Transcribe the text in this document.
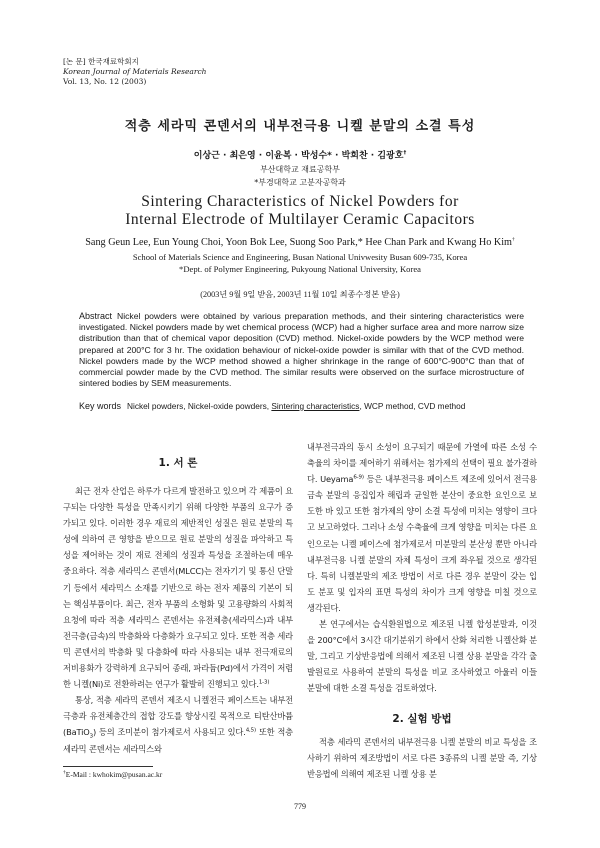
[논 문] 한국재료학회지
Korean Journal of Materials Research
Vol. 13, No. 12 (2003)
적층 세라믹 콘덴서의 내부전극용 니켈 분말의 소결 특성
이상근 · 최은영 · 이윤복 · 박성수* · 박희찬 · 김광호†
부산대학교 재료공학부
*부경대학교 고분자공학과
Sintering Characteristics of Nickel Powders for
Internal Electrode of Multilayer Ceramic Capacitors
Sang Geun Lee, Eun Young Choi, Yoon Bok Lee, Suong Soo Park,* Hee Chan Park and Kwang Ho Kim†
School of Materials Science and Engineering, Busan National Univwesity Busan 609-735, Korea
*Dept. of Polymer Engineering, Pukyoung National University, Korea
(2003년 9월 9일 받음, 2003년 11월 10일 최종수정본 받음)
Abstract Nickel powders were obtained by various preparation methods, and their sintering characteristics were investigated. Nickel powders made by wet chemical process (WCP) had a higher surface area and more narrow size distribution than that of chemical vapor deposition (CVD) method. Nickel-oxide powders by the WCP method were prepared at 200°C for 3 hr. The oxidation behaviour of nickel-oxide powder is similar with that of the CVD method. Nickel powders made by the WCP method showed a higher shrinkage in the range of 600°C-900°C than that of commercial powder made by the CVD method. The similar results were observed on the surface microstructure of sintered bodies by SEM measurements.
Key words Nickel powders, Nickel-oxide powders, Sintering characteristics, WCP method, CVD method
1. 서 론

최근 전자 산업은 하루가 다르게 발전하고 있으며 각 제품이 요구되는 다양한 특성을 만족시키기 위해 다양한 부품의 요구가 증가되고 있다. 이러한 경우 재료의 제반적인 성질은 원료 분말의 특성에 의하여 큰 영향을 받으므로 원료 분말의 성질을 파악하고 특성을 제어하는 것이 재료 전체의 성질과 특성을 조절하는데 매우 중요하다. 적층 세라믹스 콘덴서(MLCC)는 전자기기 및 통신 단말기 등에서 세라믹스 소재를 기반으로 하는 전자 제품의 기본이 되는 핵심부품이다. 최근, 전자 부품의 소형화 및 고용량화의 사회적 요청에 따라 적층 세라믹스 콘덴서는 유전체층(세라믹스)과 내부전극층(금속)의 박층화와 다층화가 요구되고 있다. 또한 적층 세라믹 콘덴서의 박층화 및 다층화에 따라 사용되는 내부 전극재료의 저비용화가 강력하게 요구되어 종래, 파라듐(Pd)에서 가격이 저렴한 니켈(Ni)로 전환하려는 연구가 활발히 진행되고 있다.$^{1-3)}$

통상, 적층 세라믹 콘덴서 제조시 니켈전극 페이스트는 내부전극층과 유전체층간의 접합 강도를 향상시킬 목적으로 티탄산바륨(BaTiO$_3$) 등의 조미분이 첨가제로서 사용되고 있다.$^{4,5)}$ 또한 적층 세라믹 콘덴서는 세라믹스와

†E-Mail : kwhokim@pusan.ac.kr

내부전극과의 동시 소성이 요구되기 때문에 가열에 따른 소성 수축율의 차이를 제어하기 위해서는 첨가제의 선택이 필요 불가결하다. Ueyama$^{6-9)}$ 등은 내부전극용 페이스트 제조에 있어서 전극용 금속 분말의 응집입자 해립과 균일한 분산이 중요한 요인으로 보도한 바 있고 또한 첨가제의 양이 소결 특성에 미치는 영향이 크다고 보고하였다. 그러나 소성 수축율에 크게 영향을 미치는 다른 요인으로는 니켈 페이스에 첨가제로서 미분말의 분산성 뿐만 아니라 내부전극용 니켈 분말의 자체 특성이 크게 좌우될 것으로 생각된다. 특히 니켈분말의 제조 방법이 서로 다른 경우 분말이 갖는 입도 분포 및 입자의 표면 특성의 차이가 크게 영향을 미칠 것으로 생각된다.

본 연구에서는 습식환원법으로 제조된 니켈 합성분말과, 이것을 200°C에서 3시간 대기분위기 하에서 산화 처리한 니켈산화 분말, 그리고 기상반응법에 의해서 제조된 니켈 상용 분말을 각각 출발원료로 사용하여 분말의 특성을 비교 조사하였고 아울러 이들 분말에 대한 소결 특성을 검토하였다.

2. 실험 방법

적층 세라믹 콘덴서의 내부전극용 니켈 분말의 비교 특성을 조사하기 위하여 제조방법이 서로 다른 3종류의 니켈 분말 즉, 기상반응법에 의해여 제조된 니켈 상용 분

779
